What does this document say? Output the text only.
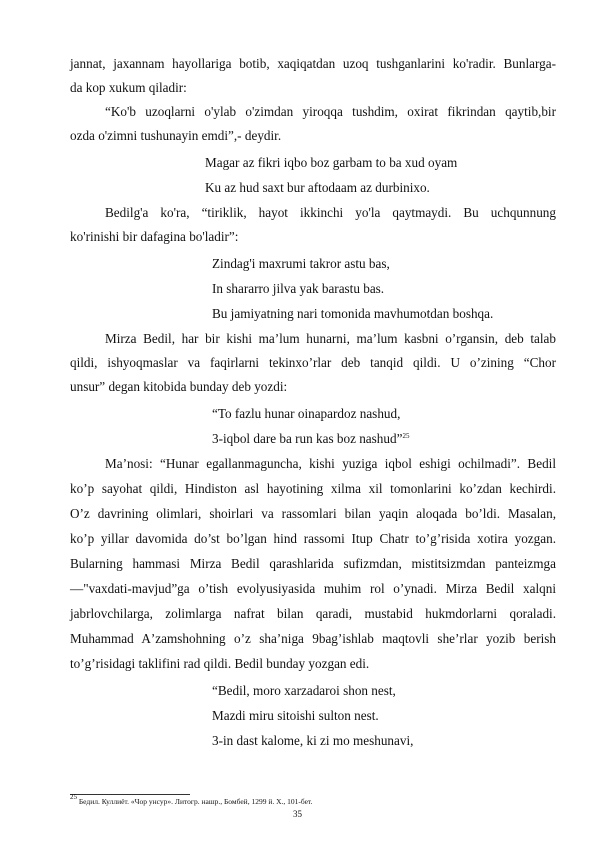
jannat, jaxannam hayollariga botib, xaqiqatdan uzoq tushganlarini ko'radir. Bunlarga-
da kop xukum qiladir:
“Ko'b uzoqlarni o'ylab o'zimdan yiroqqa tushdim, oxirat fikrindan qaytib,bir
ozda o'zimni tushunayin emdi”,- deydir.
Magar az fikri iqbo boz garbam to ba xud oyam
Ku az hud saxt bur aftodaam az durbinixo.
Bedilg'a ko'ra, “tiriklik, hayot ikkinchi yo'la qaytmaydi. Bu uchqunnung
ko'rinishi bir dafagina bo'ladir”:
Zindag'i maxrumi takror astu bas,
In shararro jilva yak barastu bas.
Bu jamiyatning nari tomonida mavhumotdan boshqa.
Mirza Bedil, har bir kishi maʼlum hunarni, maʼlum kasbni o’rgansin, deb talab
qildi, ishyoqmaslar va faqirlarni tekinxo’rlar deb tanqid qildi. U o’zining “Chor
unsur” degan kitobida bunday deb yozdi:
“To fazlu hunar oinapardoz nashud,
3-iqbol dare ba run kas boz nashud”$^{25}$
Maʼnosi: “Hunar egallanmaguncha, kishi yuziga iqbol eshigi ochilmadi”. Bedil
ko’p sayohat qildi, Hindiston asl hayotining xilma xil tomonlarini ko’zdan kechirdi.
O’z davrining olimlari, shoirlari va rassomlari bilan yaqin aloqada bo’ldi. Masalan,
ko’p yillar davomida do’st bo’lgan hind rassomi Itup Chatr to’g’risida xotira yozgan.
Bularning hammasi Mirza Bedil qarashlarida sufizmdan, mistitsizmdan panteizmga
—"vaxdati-mavjud”ga o’tish evolyusiyasida muhim rol o’ynadi. Mirza Bedil xalqni
jabrlovchilarga, zolimlarga nafrat bilan qaradi, mustabid hukmdorlarni qoraladi.
Muhammad Aʼzamshohning o’z shaʼniga 9bag’ishlab maqtovli sheʼrlar yozib berish
to’g’risidagi taklifini rad qildi. Bedil bunday yozgan edi.
“Bedil, moro xarzadaroi shon nest,
Mazdi miru sitoishi sulton nest.
3-in dast kalome, ki zi mo meshunavi,
$^{25}$ Бедил. Куллиёт. «Чор унсур». Литогр. нашр., Бомбей, 1299 й. Х., 101-бет.
35
